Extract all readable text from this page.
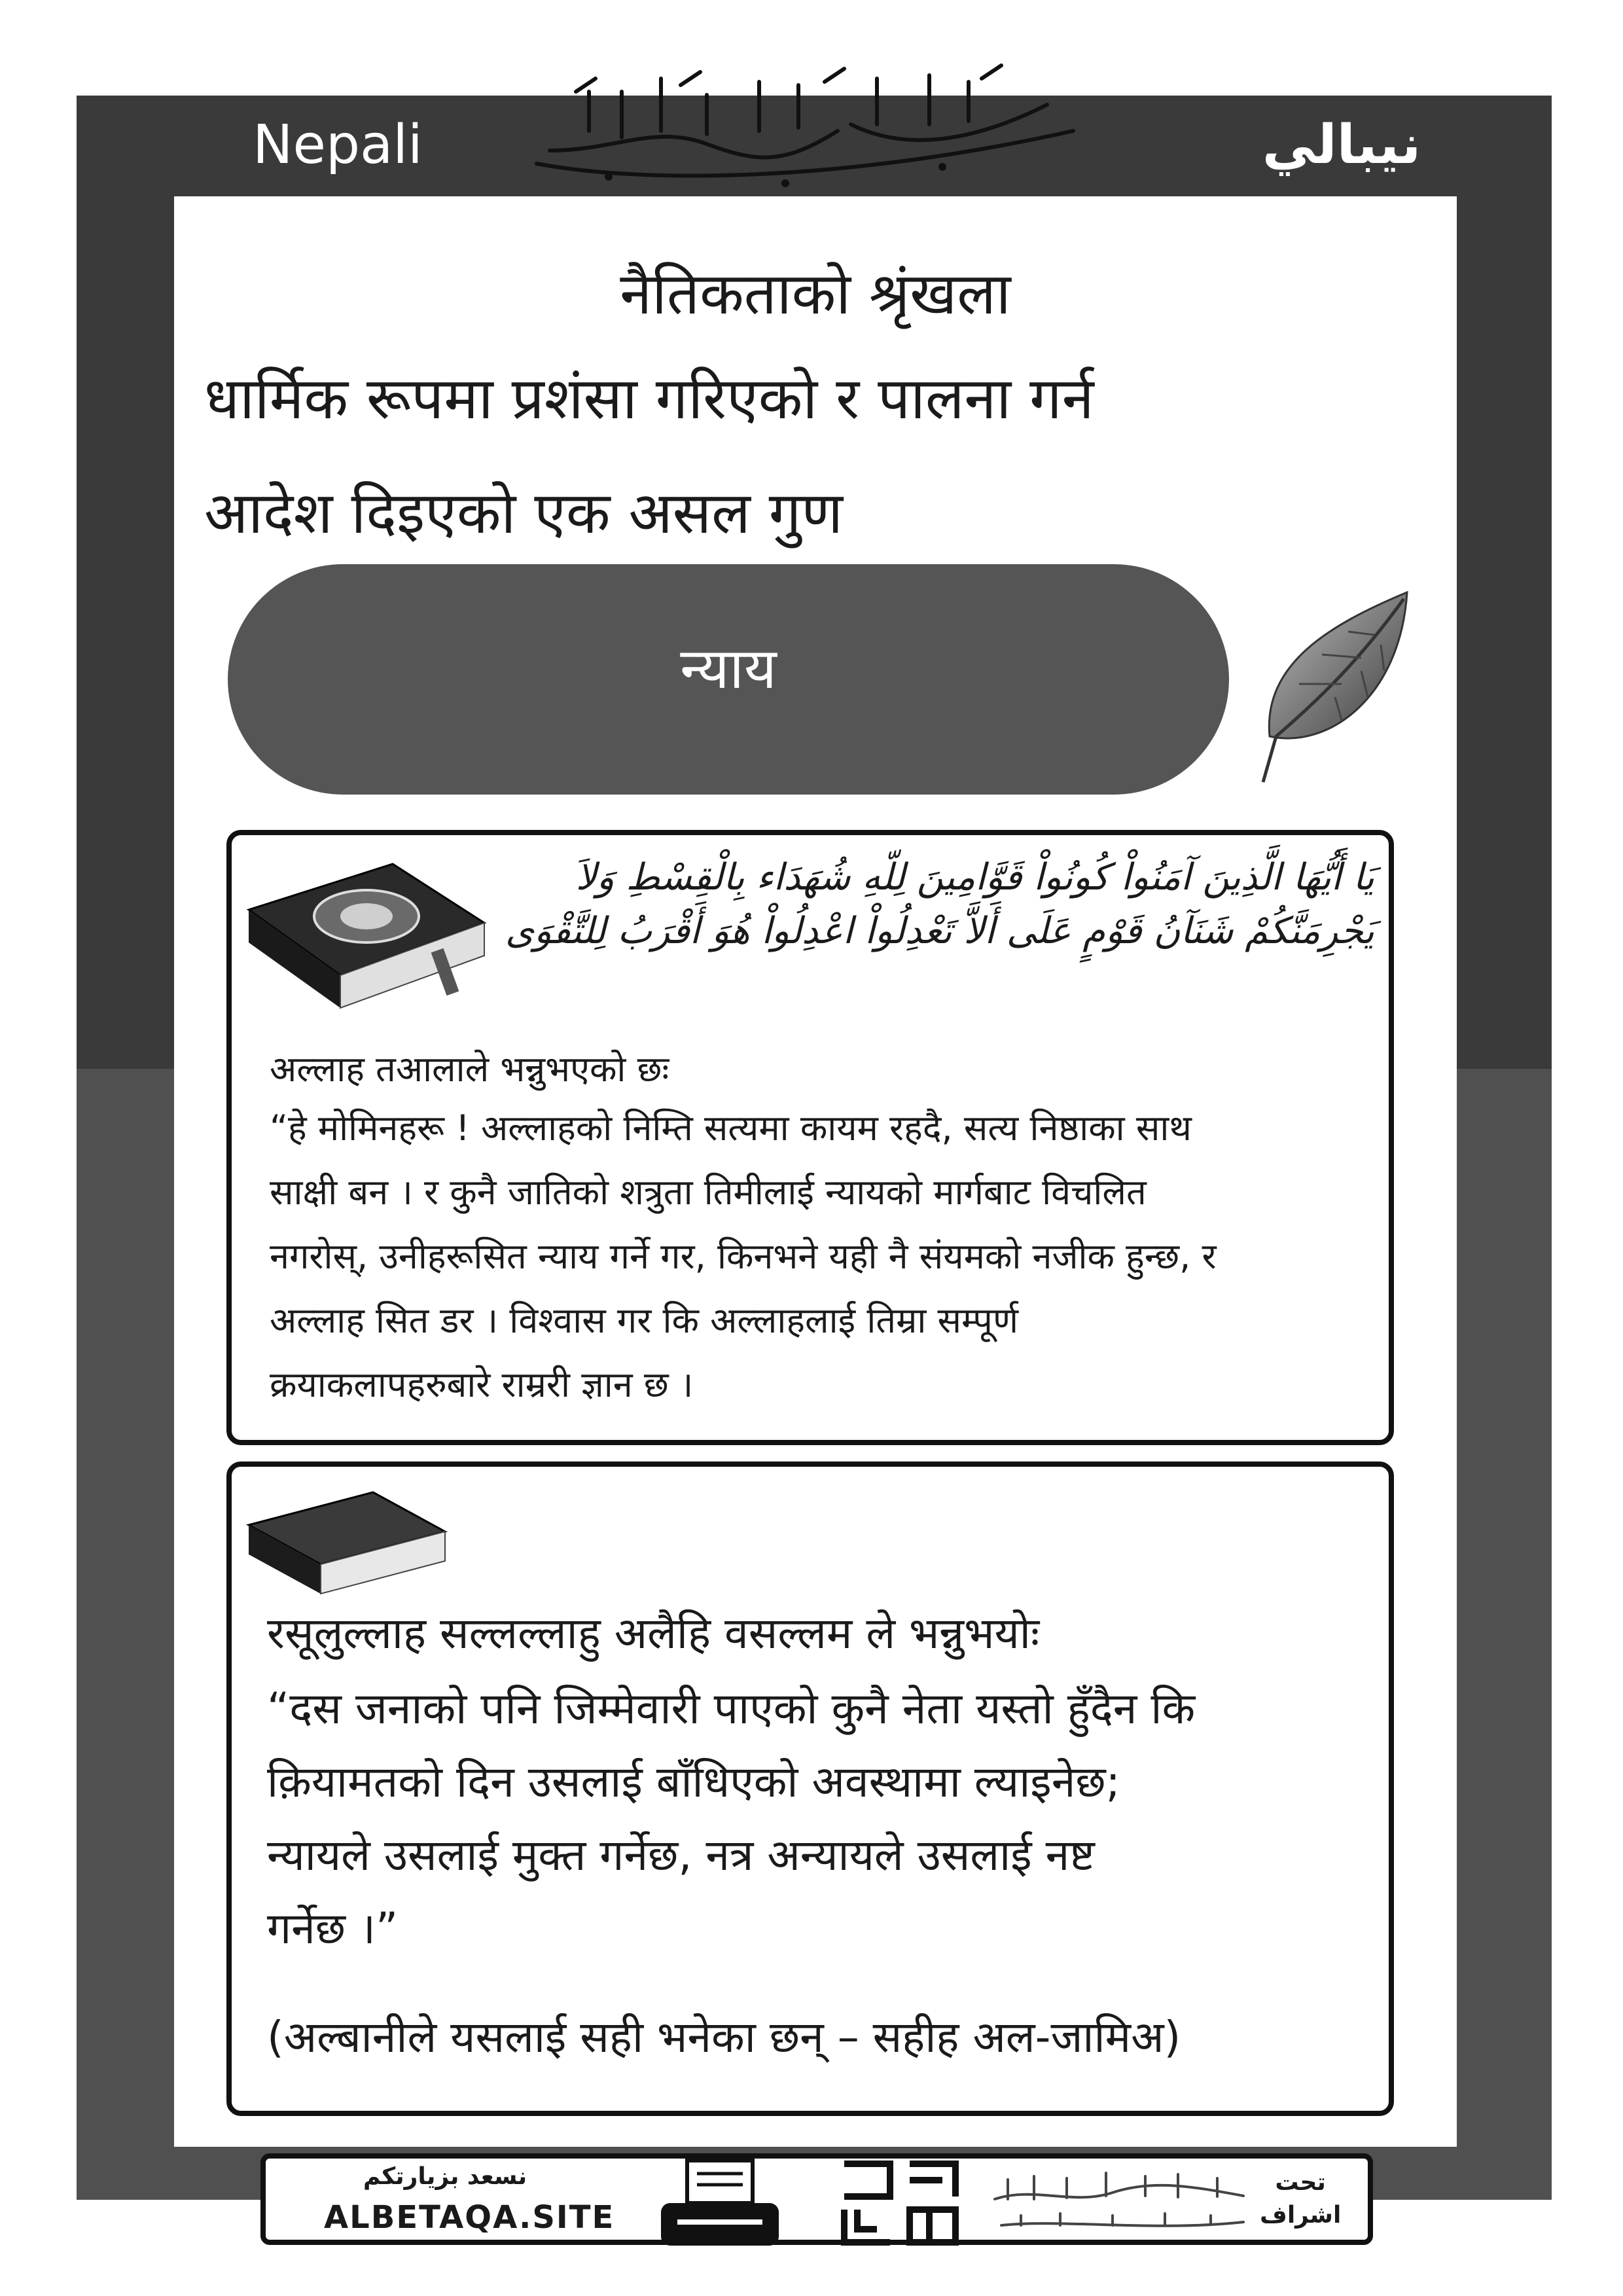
Nepali	نيبالي
नैतिकताको श्रृंखला
धार्मिक रूपमा प्रशंसा गरिएको र पालना गर्न
आदेश दिइएको एक असल गुण
न्याय
يَا أَيُّهَا الَّذِينَ آمَنُواْ كُونُواْ قَوَّامِينَ لِلّهِ شُهَدَاء بِالْقِسْطِ وَلاَ
يَجْرِمَنَّكُمْ شَنَآنُ قَوْمٍ عَلَى أَلاَّ تَعْدِلُواْ اعْدِلُواْ هُوَ أَقْرَبُ لِلتَّقْوَى
अल्लाह तआलाले भन्नुभएको छः
“हे मोमिनहरू ! अल्लाहको निम्ति सत्यमा कायम रहदै, सत्य निष्ठाका साथ
साक्षी बन । र कुनै जातिको शत्रुता तिमीलाई न्यायको मार्गबाट विचलित
नगरोस्, उनीहरूसित न्याय गर्ने गर, किनभने यही नै संयमको नजीक हुन्छ, र
अल्लाह सित डर । विश्वास गर कि अल्लाहलाई तिम्रा सम्पूर्ण
क्रयाकलापहरुबारे राम्ररी ज्ञान छ ।
रसूलुल्लाह सल्लल्लाहु अलैहि वसल्लम ले भन्नुभयोः
“दस जनाको पनि जिम्मेवारी पाएको कुनै नेता यस्तो हुँदैन कि
क़ियामतको दिन उसलाई बाँधिएको अवस्थामा ल्याइनेछ;
न्यायले उसलाई मुक्त गर्नेछ, नत्र अन्यायले उसलाई नष्ट
गर्नेछ ।”
(अल्बानीले यसलाई सही भनेका छन् – सहीह अल-जामिअ)
نسعد بزيارتكم
ALBETAQA.SITE
تحت
اشراف
